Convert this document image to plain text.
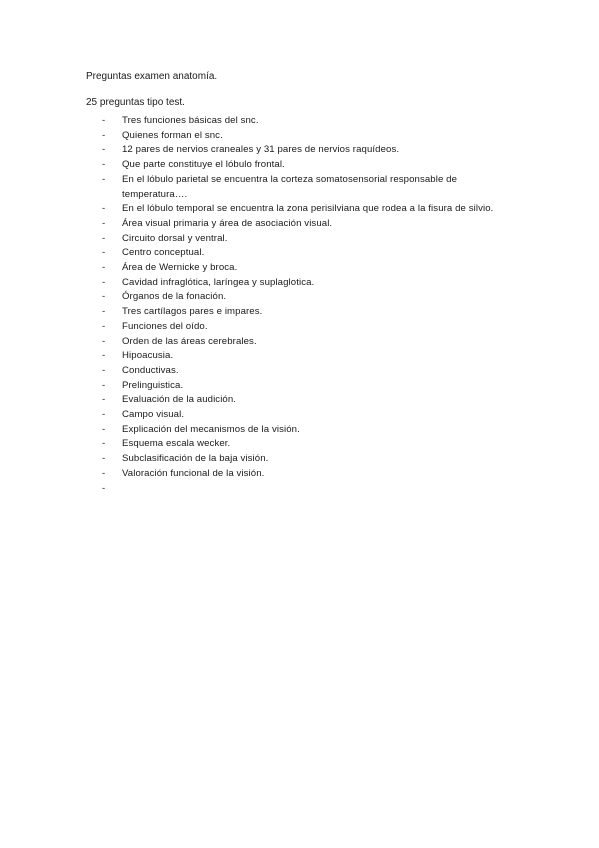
Preguntas examen anatomía.
25 preguntas tipo test.
- Tres funciones básicas del snc.
- Quienes forman el snc.
- 12 pares de nervios craneales y 31 pares de nervios raquídeos.
- Que parte constituye el lóbulo frontal.
- En el lóbulo parietal se encuentra la corteza somatosensorial responsable de temperatura….
- En el lóbulo temporal se encuentra la zona perisilviana que rodea a la fisura de silvio.
- Área visual primaria y área de asociación visual.
- Circuito dorsal y ventral.
- Centro conceptual.
- Área de Wernicke y broca.
- Cavidad infraglótica, laríngea y suplaglotica.
- Órganos de la fonación.
- Tres cartílagos pares e impares.
- Funciones del oído.
- Orden de las áreas cerebrales.
- Hipoacusia.
- Conductivas.
- Prelinguistica.
- Evaluación de la audición.
- Campo visual.
- Explicación del mecanismos de la visión.
- Esquema escala wecker.
- Subclasificación de la baja visión.
- Valoración funcional de la visión.
-
